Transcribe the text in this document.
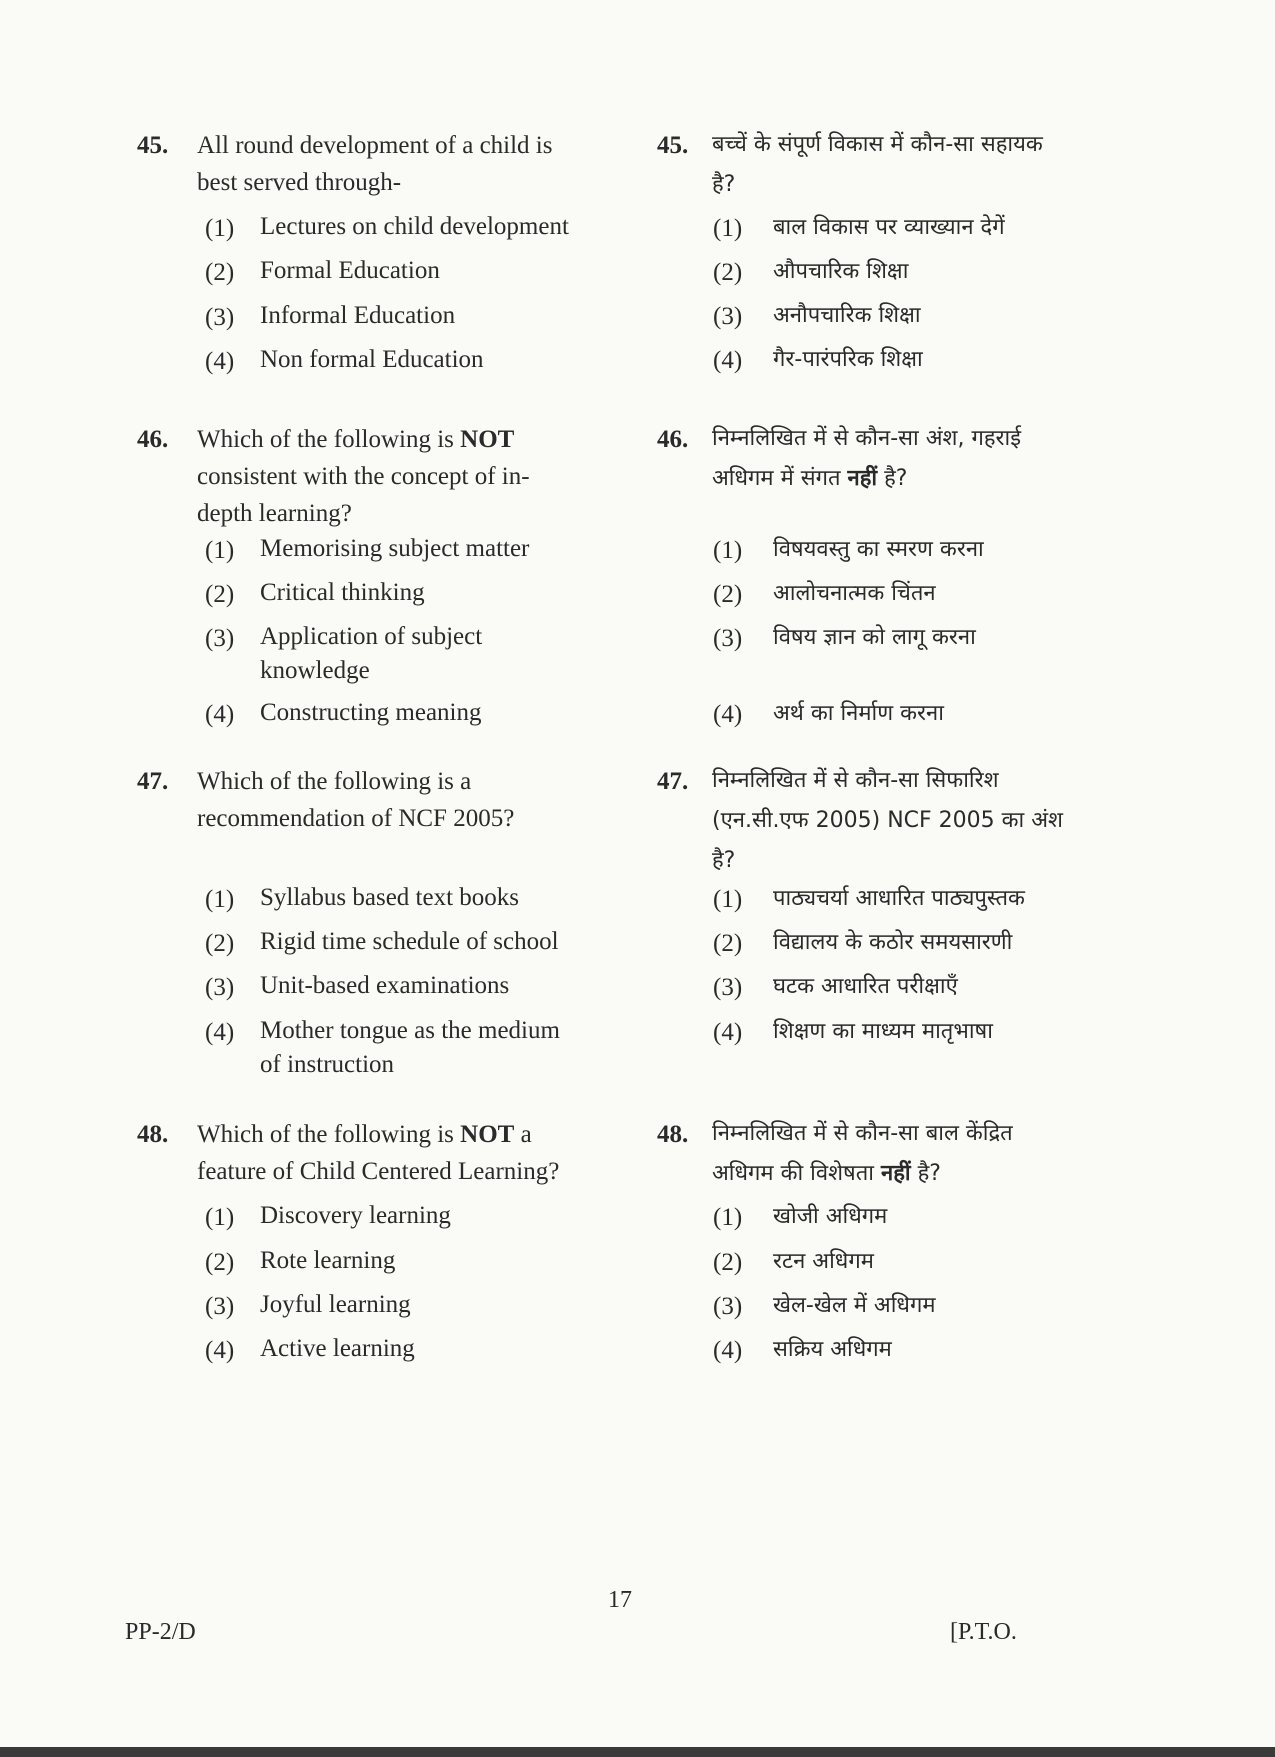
45. All round development of a child is
best served through-
(1) Lectures on child development
(2) Formal Education
(3) Informal Education
(4) Non formal Education
46. Which of the following is NOT
consistent with the concept of in-
depth learning?
(1) Memorising subject matter
(2) Critical thinking
(3) Application of subject
knowledge
(4) Constructing meaning
47. Which of the following is a
recommendation of NCF 2005?
(1) Syllabus based text books
(2) Rigid time schedule of school
(3) Unit-based examinations
(4) Mother tongue as the medium
of instruction
48. Which of the following is NOT a
feature of Child Centered Learning?
(1) Discovery learning
(2) Rote learning
(3) Joyful learning
(4) Active learning
45. बच्चें के संपूर्ण विकास में कौन-सा सहायक
है?
(1) बाल विकास पर व्याख्यान देगें
(2) औपचारिक शिक्षा
(3) अनौपचारिक शिक्षा
(4) गैर-पारंपरिक शिक्षा
46. निम्नलिखित में से कौन-सा अंश, गहराई
अधिगम में संगत नहीं है?
(1) विषयवस्तु का स्मरण करना
(2) आलोचनात्मक चिंतन
(3) विषय ज्ञान को लागू करना
(4) अर्थ का निर्माण करना
47. निम्नलिखित में से कौन-सा सिफारिश
(एन.सी.एफ 2005) NCF 2005 का अंश
है?
(1) पाठ्यचर्या आधारित पाठ्यपुस्तक
(2) विद्यालय के कठोर समयसारणी
(3) घटक आधारित परीक्षाएँ
(4) शिक्षण का माध्यम मातृभाषा
48. निम्नलिखित में से कौन-सा बाल केंद्रित
अधिगम की विशेषता नहीं है?
(1) खोजी अधिगम
(2) रटन अधिगम
(3) खेल-खेल में अधिगम
(4) सक्रिय अधिगम
17
PP-2/D	[P.T.O.
